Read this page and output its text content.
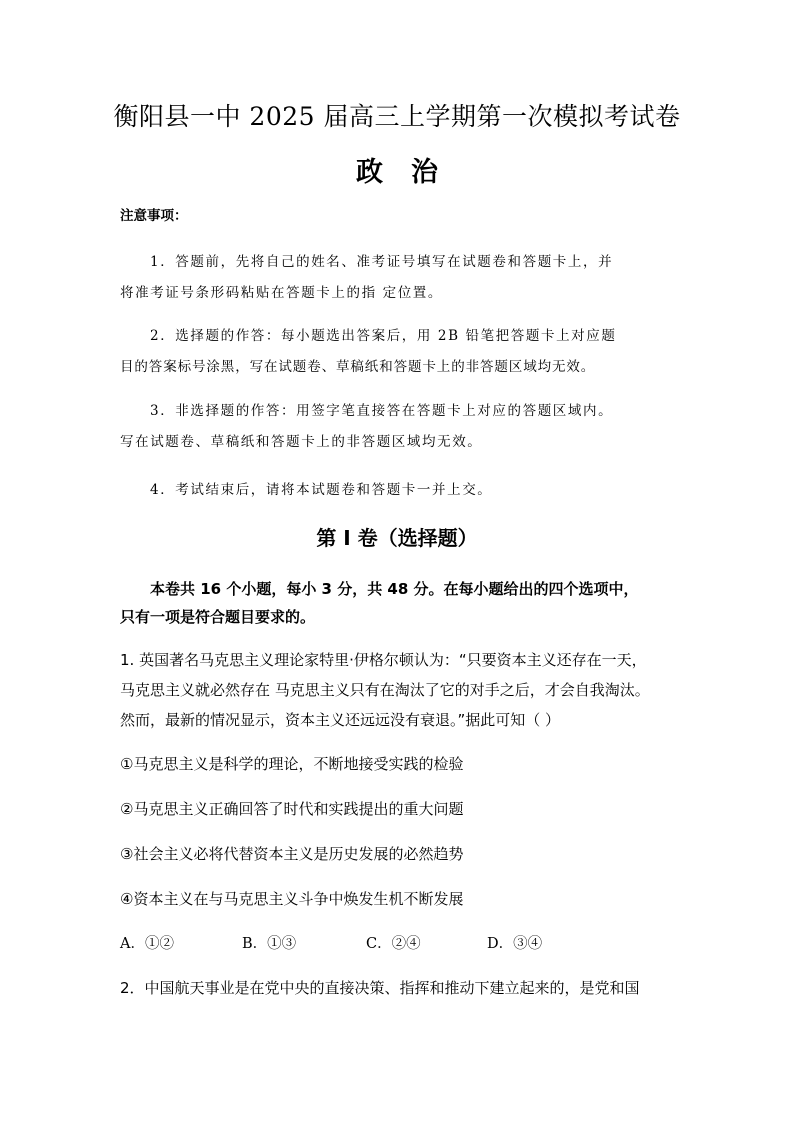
衡阳县一中 2025 届高三上学期第一次模拟考试卷
政治
注意事项：
1．答题前，先将自己的姓名、准考证号填写在试题卷和答题卡上，并
将准考证号条形码粘贴在答题卡上的指 定位置。
2．选择题的作答：每小题选出答案后，用 2B 铅笔把答题卡上对应题
目的答案标号涂黑，写在试题卷、草稿纸和答题卡上的非答题区域均无效。
3．非选择题的作答：用签字笔直接答在答题卡上对应的答题区域内。
写在试题卷、草稿纸和答题卡上的非答题区域均无效。
4．考试结束后，请将本试题卷和答题卡一并上交。
第 I 卷（选择题）
本卷共 16 个小题，每小 3 分，共 48 分。在每小题给出的四个选项中，
只有一项是符合题目要求的。
1. 英国著名马克思主义理论家特里·伊格尔顿认为：“只要资本主义还存在一天，
马克思主义就必然存在 马克思主义只有在淘汰了它的对手之后，才会自我淘汰。
然而，最新的情况显示，资本主义还远远没有衰退。”据此可知（ ）
①马克思主义是科学的理论，不断地接受实践的检验
②马克思主义正确回答了时代和实践提出的重大问题
③社会主义必将代替资本主义是历史发展的必然趋势
④资本主义在与马克思主义斗争中焕发生机不断发展
A．①②	B．①③	C．②④	D．③④
2．中国航天事业是在党中央的直接决策、指挥和推动下建立起来的，是党和国
